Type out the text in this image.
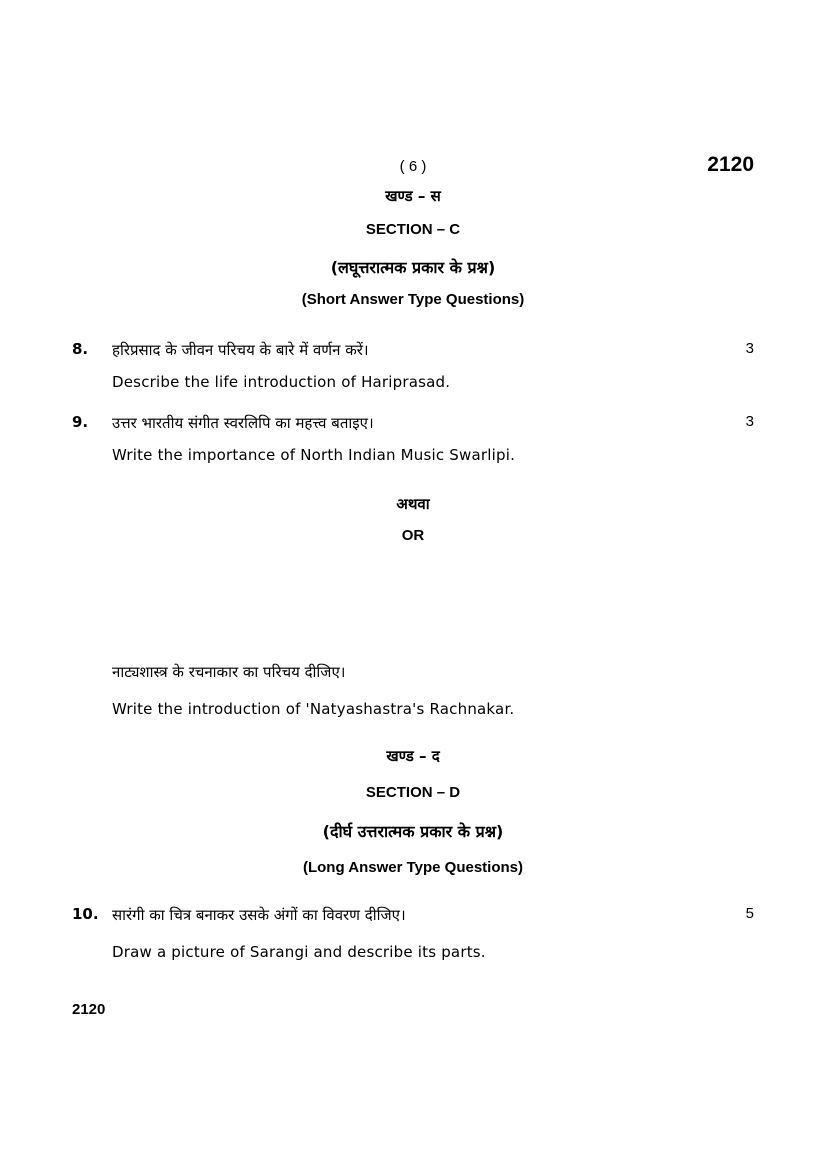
( 6 )	2120
खण्ड – स
SECTION – C
(लघूत्तरात्मक प्रकार के प्रश्न)
(Short Answer Type Questions)
8. हरिप्रसाद के जीवन परिचय के बारे में वर्णन करें।	3
Describe the life introduction of Hariprasad.
9. उत्तर भारतीय संगीत स्वरलिपि का महत्त्व बताइए।	3
Write the importance of North Indian Music Swarlipi.
अथवा
OR
नाट्यशास्त्र के रचनाकार का परिचय दीजिए।
Write the introduction of 'Natyashastra's Rachnakar.
खण्ड – द
SECTION – D
(दीर्घ उत्तरात्मक प्रकार के प्रश्न)
(Long Answer Type Questions)
10. सारंगी का चित्र बनाकर उसके अंगों का विवरण दीजिए।	5
Draw a picture of Sarangi and describe its parts.
2120
